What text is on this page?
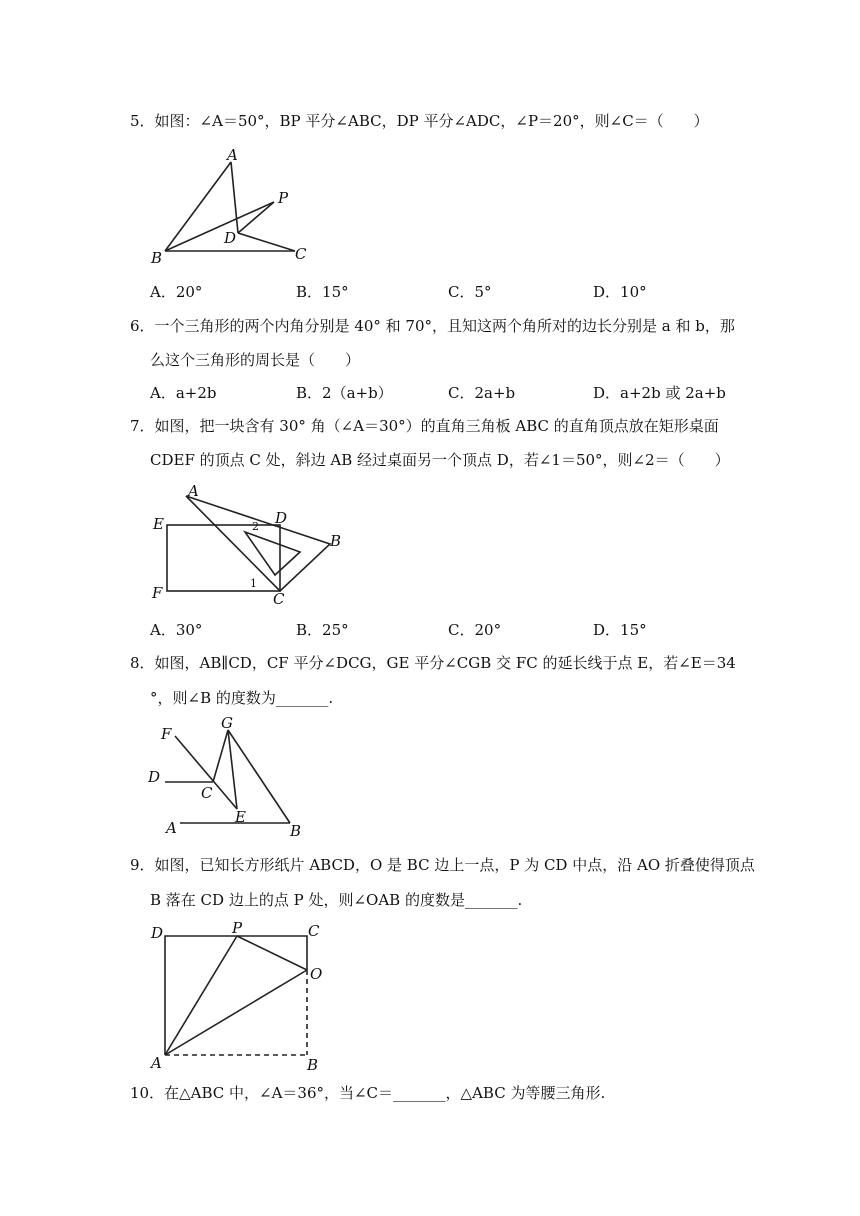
5．如图：∠A＝50°，BP 平分∠ABC，DP 平分∠ADC，∠P＝20°，则∠C＝（　　）
A
B	C
D
P
A．20°	B．15°	C．5°	D．10°
6．一个三角形的两个内角分别是 40° 和 70°，且知这两个角所对的边长分别是 a 和 b，那
么这个三角形的周长是（　　）
A．a+2b	B．2（a+b）	C．2a+b	D．a+2b 或 2a+b
7．如图，把一块含有 30° 角（∠A＝30°）的直角三角板 ABC 的直角顶点放在矩形桌面
CDEF 的顶点 C 处，斜边 AB 经过桌面另一个顶点 D，若∠1＝50°，则∠2＝（　　）
A
B
C
D
E
F
1
2
A．30°	B．25°	C．20°	D．15°
8．如图，AB∥CD，CF 平分∠DCG，GE 平分∠CGB 交 FC 的延长线于点 E，若∠E＝34
°，则∠B 的度数为_______.
F
G
D
C
E
A	B
9．如图，已知长方形纸片 ABCD，O 是 BC 边上一点，P 为 CD 中点，沿 AO 折叠使得顶点
B 落在 CD 边上的点 P 处，则∠OAB 的度数是_______.
D	P	C
O
A	B
10．在△ABC 中，∠A＝36°，当∠C＝_______，△ABC 为等腰三角形.
